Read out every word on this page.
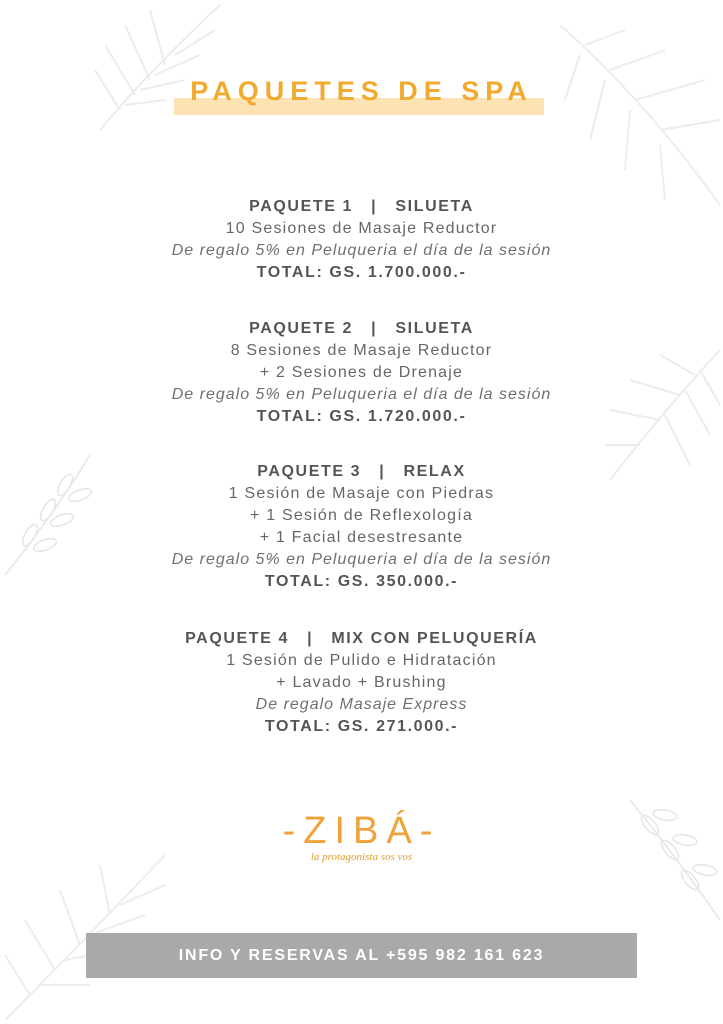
PAQUETES DE SPA
PAQUETE 1   |   SILUETA
10 Sesiones de Masaje Reductor
De regalo 5% en Peluqueria el día de la sesión
TOTAL: GS. 1.700.000.-
PAQUETE 2   |   SILUETA
8 Sesiones de Masaje Reductor
+ 2 Sesiones de Drenaje
De regalo 5% en Peluqueria el día de la sesión
TOTAL: GS. 1.720.000.-
PAQUETE 3   |   RELAX
1 Sesión de Masaje con Piedras
+ 1 Sesión de Reflexología
+ 1 Facial desestresante
De regalo 5% en Peluqueria el día de la sesión
TOTAL: GS. 350.000.-
PAQUETE 4   |   MIX CON PELUQUERÍA
1 Sesión de Pulido e Hidratación
+ Lavado + Brushing
De regalo Masaje Express
TOTAL: GS. 271.000.-
-ZIBÁ-
la protagonista sos vos
INFO Y RESERVAS AL +595 982 161 623
